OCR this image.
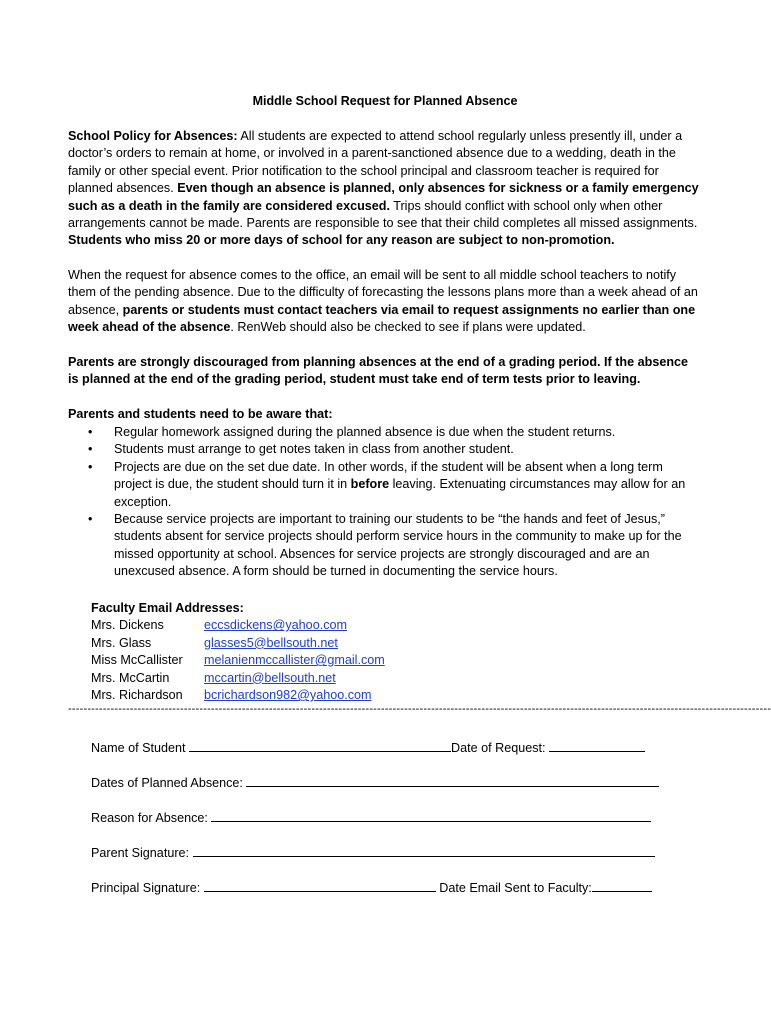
Middle School Request for Planned Absence
School Policy for Absences: All students are expected to attend school regularly unless presently ill, under a doctor’s orders to remain at home, or involved in a parent-sanctioned absence due to a wedding, death in the family or other special event. Prior notification to the school principal and classroom teacher is required for planned absences. Even though an absence is planned, only absences for sickness or a family emergency such as a death in the family are considered excused. Trips should conflict with school only when other arrangements cannot be made. Parents are responsible to see that their child completes all missed assignments. Students who miss 20 or more days of school for any reason are subject to non-promotion.
When the request for absence comes to the office, an email will be sent to all middle school teachers to notify them of the pending absence. Due to the difficulty of forecasting the lessons plans more than a week ahead of an absence, parents or students must contact teachers via email to request assignments no earlier than one week ahead of the absence. RenWeb should also be checked to see if plans were updated.
Parents are strongly discouraged from planning absences at the end of a grading period. If the absence is planned at the end of the grading period, student must take end of term tests prior to leaving.
Parents and students need to be aware that:
• Regular homework assigned during the planned absence is due when the student returns.
• Students must arrange to get notes taken in class from another student.
• Projects are due on the set due date. In other words, if the student will be absent when a long term project is due, the student should turn it in before leaving. Extenuating circumstances may allow for an exception.
• Because service projects are important to training our students to be “the hands and feet of Jesus,” students absent for service projects should perform service hours in the community to make up for the missed opportunity at school. Absences for service projects are strongly discouraged and are an unexcused absence. A form should be turned in documenting the service hours.
Faculty Email Addresses:
Mrs. Dickens	eccsdickens@yahoo.com
Mrs. Glass	glasses5@bellsouth.net
Miss McCallister	melanienmccallister@gmail.com
Mrs. McCartin	mccartin@bellsouth.net
Mrs. Richardson	bcrichardson982@yahoo.com
--------------------------------------------------------------------------------------------------------------------------------------------------------------------------------------
Name of Student	Date of Request:
Dates of Planned Absence:
Reason for Absence:
Parent Signature:
Principal Signature:	Date Email Sent to Faculty:
